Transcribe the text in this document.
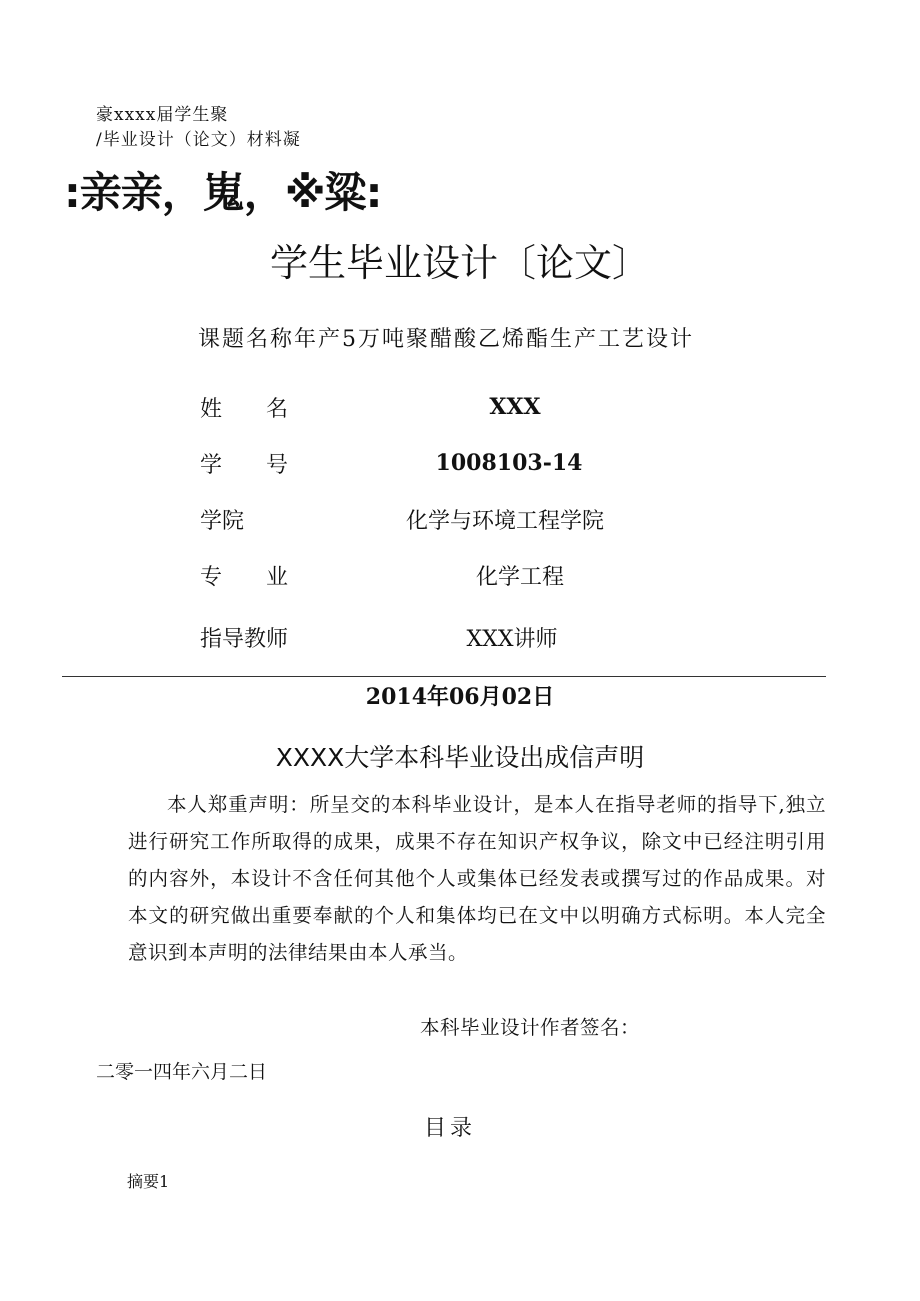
豪xxxx届学生聚
/毕业设计（论文）材料凝
:亲亲，嵬，※粱:
学生毕业设计〔论文〕
课题名称年产5万吨聚醋酸乙烯酯生产工艺设计
姓　　名	XXX
学　　号	1008103-14
学院	化学与环境工程学院
专　　业	化学工程
指导教师	XXX讲师
2014年06月02日
XXXX大学本科毕业设出成信声明
本人郑重声明：所呈交的本科毕业设计，是本人在指导老师的指导下,独立进行研究工作所取得的成果，成果不存在知识产权争议，除文中已经注明引用的内容外，本设计不含任何其他个人或集体已经发表或撰写过的作品成果。对本文的研究做出重要奉献的个人和集体均已在文中以明确方式标明。本人完全意识到本声明的法律结果由本人承当。
本科毕业设计作者签名：
二零一四年六月二日
目录
摘要1
